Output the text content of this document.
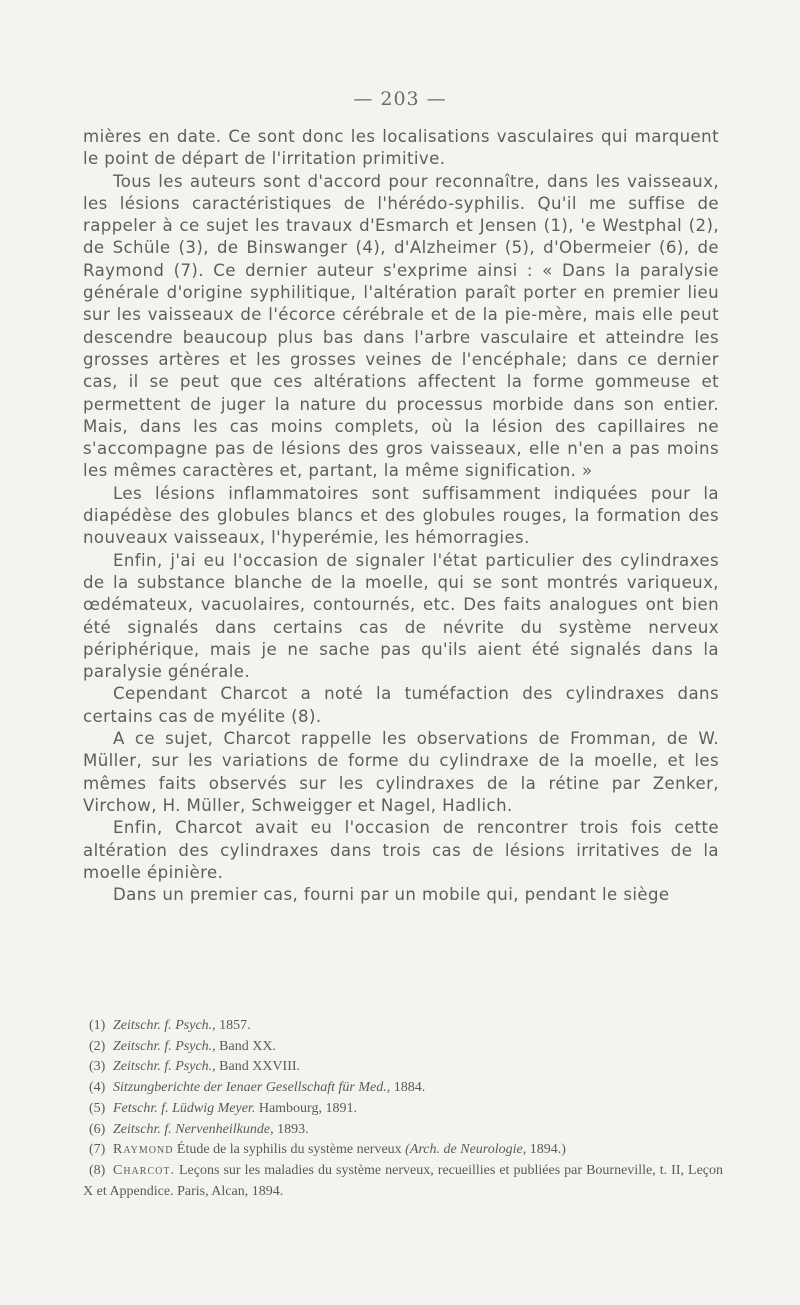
— 203 —

mières en date. Ce sont donc les localisations vasculaires qui marquent le point de départ de l'irritation primitive.

Tous les auteurs sont d'accord pour reconnaître, dans les vaisseaux, les lésions caractéristiques de l'hérédo-syphilis. Qu'il me suffise de rappeler à ce sujet les travaux d'Esmarch et Jensen (1), 'e Westphal (2), de Schüle (3), de Binswanger (4), d'Alzheimer (5), d'Obermeier (6), de Raymond (7). Ce dernier auteur s'exprime ainsi : « Dans la paralysie générale d'origine syphilitique, l'altération paraît porter en premier lieu sur les vaisseaux de l'écorce cérébrale et de la pie-mère, mais elle peut descendre beaucoup plus bas dans l'arbre vasculaire et atteindre les grosses artères et les grosses veines de l'encéphale; dans ce dernier cas, il se peut que ces altérations affectent la forme gommeuse et permettent de juger la nature du processus morbide dans son entier. Mais, dans les cas moins complets, où la lésion des capillaires ne s'accompagne pas de lésions des gros vaisseaux, elle n'en a pas moins les mêmes caractères et, partant, la même signification. »

Les lésions inflammatoires sont suffisamment indiquées pour la diapédèse des globules blancs et des globules rouges, la formation des nouveaux vaisseaux, l'hyperémie, les hémorragies.

Enfin, j'ai eu l'occasion de signaler l'état particulier des cylindraxes de la substance blanche de la moelle, qui se sont montrés variqueux, œdémateux, vacuolaires, contournés, etc. Des faits analogues ont bien été signalés dans certains cas de névrite du système nerveux périphérique, mais je ne sache pas qu'ils aient été signalés dans la paralysie générale.

Cependant Charcot a noté la tuméfaction des cylindraxes dans certains cas de myélite (8).

A ce sujet, Charcot rappelle les observations de Fromman, de W. Müller, sur les variations de forme du cylindraxe de la moelle, et les mêmes faits observés sur les cylindraxes de la rétine par Zenker, Virchow, H. Müller, Schweigger et Nagel, Hadlich.

Enfin, Charcot avait eu l'occasion de rencontrer trois fois cette altération des cylindraxes dans trois cas de lésions irritatives de la moelle épinière.

Dans un premier cas, fourni par un mobile qui, pendant le siège

(1) Zeitschr. f. Psych., 1857.

(2) Zeitschr. f. Psych., Band XX.

(3) Zeitschr. f. Psych., Band XXVIII.

(4) Sitzungberichte der Ienaer Gesellschaft für Med., 1884.

(5) Fetschr. f. Lüdwig Meyer. Hambourg, 1891.

(6) Zeitschr. f. Nervenheilkunde, 1893.

(7) Raymond Étude de la syphilis du système nerveux (Arch. de Neurologie, 1894.)

(8) Charcot. Leçons sur les maladies du système nerveux, recueillies et publiées par Bourneville, t. II, Leçon X et Appendice. Paris, Alcan, 1894.
